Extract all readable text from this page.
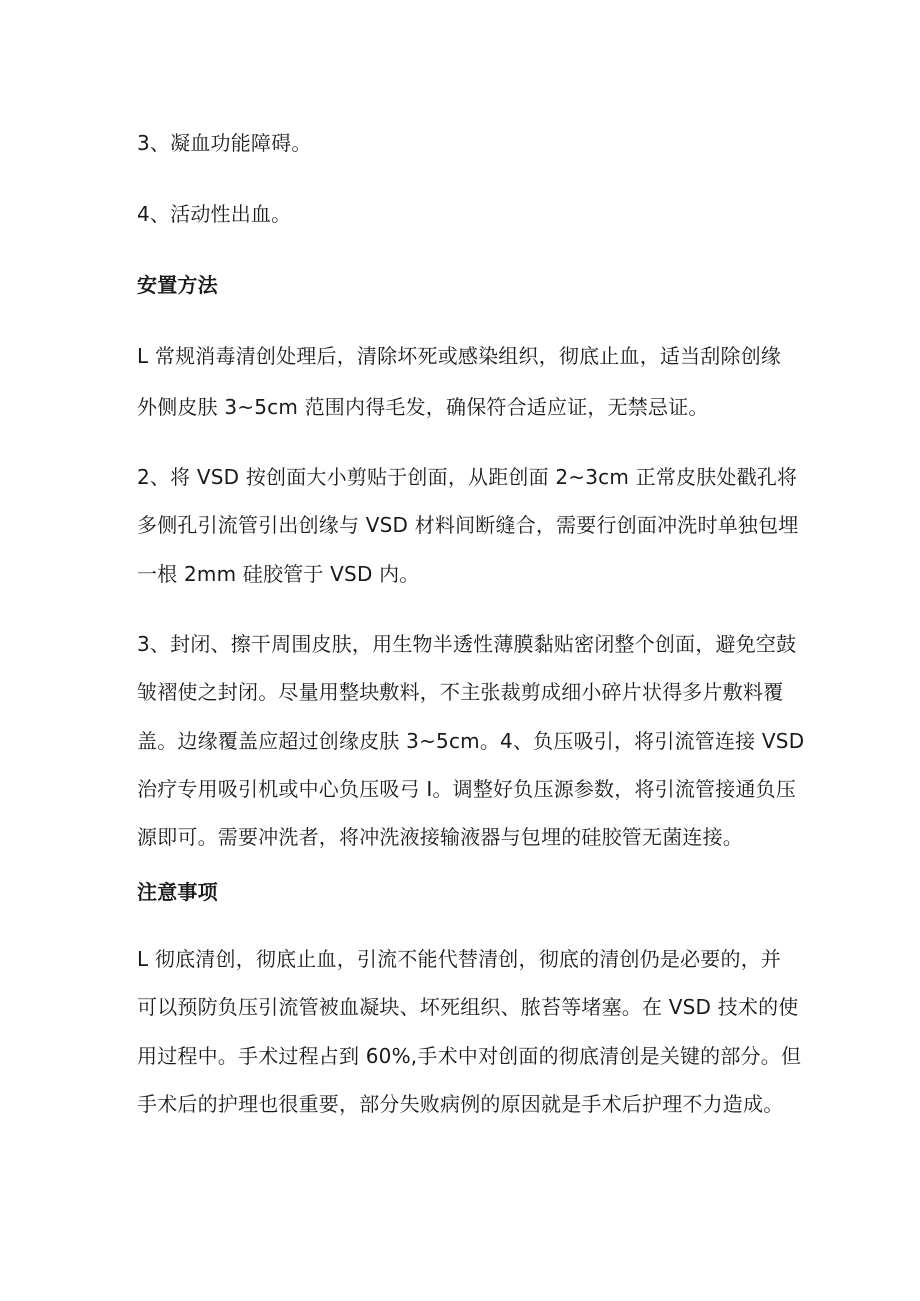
3、凝血功能障碍。
4、活动性出血。
安置方法
L 常规消毒清创处理后，清除坏死或感染组织，彻底止血，适当刮除创缘
外侧皮肤 3~5cm 范围内得毛发，确保符合适应证，无禁忌证。
2、将 VSD 按创面大小剪贴于创面，从距创面 2~3cm 正常皮肤处戳孔将
多侧孔引流管引出创缘与 VSD 材料间断缝合，需要行创面冲洗时单独包埋
一根 2mm 硅胶管于 VSD 内。
3、封闭、擦干周围皮肤，用生物半透性薄膜黏贴密闭整个创面，避免空鼓
皱褶使之封闭。尽量用整块敷料，不主张裁剪成细小碎片状得多片敷料覆
盖。边缘覆盖应超过创缘皮肤 3~5cm。4、负压吸引，将引流管连接 VSD
治疗专用吸引机或中心负压吸弓 I。调整好负压源参数，将引流管接通负压
源即可。需要冲洗者，将冲洗液接输液器与包埋的硅胶管无菌连接。
注意事项
L 彻底清创，彻底止血，引流不能代替清创，彻底的清创仍是必要的，并
可以预防负压引流管被血凝块、坏死组织、脓苔等堵塞。在 VSD 技术的使
用过程中。手术过程占到 60%,手术中对创面的彻底清创是关键的部分。但
手术后的护理也很重要，部分失败病例的原因就是手术后护理不力造成。
